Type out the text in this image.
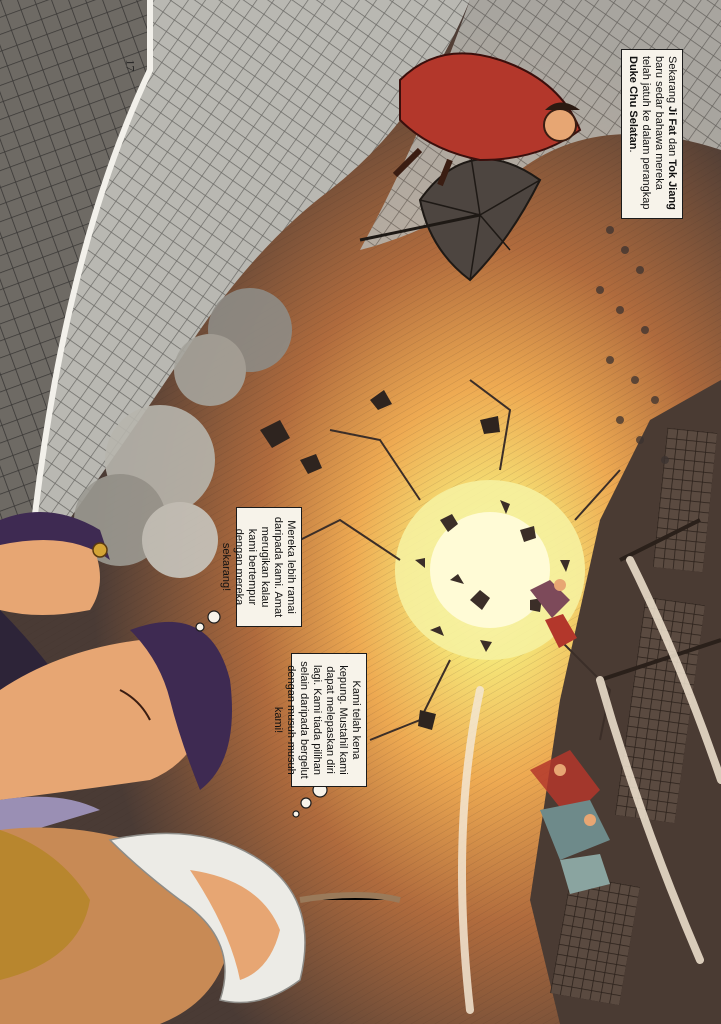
17	Sekarang Ji Fat dan Tok Jiang baru sedar bahawa mereka telah jatuh ke dalam perangkap Duke Chu Selatan.

Mereka lebih ramai daripada kami. Amat merugikan kalau kami bertempur dengan mereka sekarang!

Kami telah kena kepung. Mustahil kami dapat melepaskan diri lagi. Kami tiada pilihan selain daripada bergelut dengan musuh-musuh kami!
